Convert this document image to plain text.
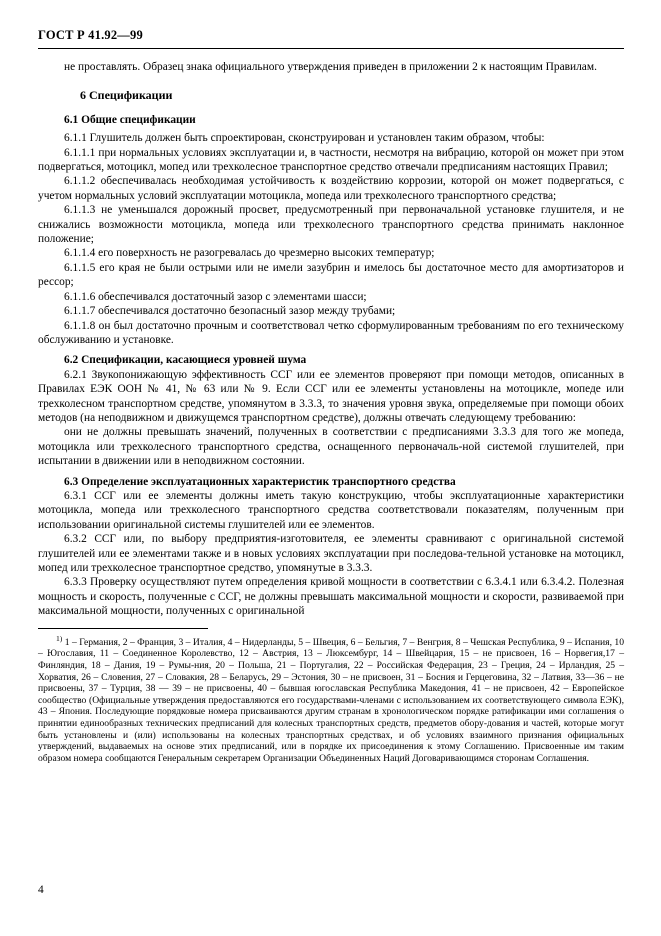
ГОСТ Р 41.92—99

не проставлять. Образец знака официального утверждения приведен в приложении 2 к настоящим Правилам.

6 Спецификации

6.1 Общие спецификации

6.1.1 Глушитель должен быть спроектирован, сконструирован и установлен таким образом, чтобы:

6.1.1.1 при нормальных условиях эксплуатации и, в частности, несмотря на вибрацию, которой он может при этом подвергаться, мотоцикл, мопед или трехколесное транспортное средство отвечали предписаниям настоящих Правил;

6.1.1.2 обеспечивалась необходимая устойчивость к воздействию коррозии, которой он может подвергаться, с учетом нормальных условий эксплуатации мотоцикла, мопеда или трехколесного транспортного средства;

6.1.1.3 не уменьшался дорожный просвет, предусмотренный при первоначальной установке глушителя, и не снижались возможности мотоцикла, мопеда или трехколесного транспортного средства принимать наклонное положение;

6.1.1.4 его поверхность не разогревалась до чрезмерно высоких температур;

6.1.1.5 его края не были острыми или не имели зазубрин и имелось бы достаточное место для амортизаторов и рессор;

6.1.1.6 обеспечивался достаточный зазор с элементами шасси;

6.1.1.7 обеспечивался достаточно безопасный зазор между трубами;

6.1.1.8 он был достаточно прочным и соответствовал четко сформулированным требованиям по его техническому обслуживанию и установке.

6.2 Спецификации, касающиеся уровней шума

6.2.1 Звукопонижающую эффективность ССГ или ее элементов проверяют при помощи методов, описанных в Правилах ЕЭК ООН № 41, № 63 или № 9. Если ССГ или ее элементы установлены на мотоцикле, мопеде или трехколесном транспортном средстве, упомянутом в 3.3.3, то значения уровня звука, определяемые при помощи обоих методов (на неподвижном и движущемся транспортном средстве), должны отвечать следующему требованию:

они не должны превышать значений, полученных в соответствии с предписаниями 3.3.3 для того же мопеда, мотоцикла или трехколесного транспортного средства, оснащенного первоначаль-ной системой глушителей, при испытании в движении или в неподвижном состоянии.

6.3 Определение эксплуатационных характеристик транспортного средства

6.3.1 ССГ или ее элементы должны иметь такую конструкцию, чтобы эксплуатационные характеристики мотоцикла, мопеда или трехколесного транспортного средства соответствовали показателям, полученным при использовании оригинальной системы глушителей или ее элементов.

6.3.2 ССГ или, по выбору предприятия-изготовителя, ее элементы сравнивают с оригинальной системой глушителей или ее элементами также и в новых условиях эксплуатации при последова-тельной установке на мотоцикл, мопед или трехколесное транспортное средство, упомянутые в 3.3.3.

6.3.3 Проверку осуществляют путем определения кривой мощности в соответствии с 6.3.4.1 или 6.3.4.2. Полезная мощность и скорость, полученные с ССГ, не должны превышать максимальной мощности и скорости, развиваемой при максимальной мощности, полученных с оригинальной

$^{1)}$ 1 – Германия, 2 – Франция, 3 – Италия, 4 – Нидерланды, 5 – Швеция, 6 – Бельгия, 7 – Венгрия, 8 – Чешская Республика, 9 – Испания, 10 – Югославия, 11 – Соединенное Королевство, 12 – Австрия, 13 – Люксембург, 14 – Швейцария, 15 – не присвоен, 16 – Норвегия,17 – Финляндия, 18 – Дания, 19 – Румы-ния, 20 – Польша, 21 – Португалия, 22 – Российская Федерация, 23 – Греция, 24 – Ирландия, 25 – Хорватия, 26 – Словения, 27 – Словакия, 28 – Беларусь, 29 – Эстония, 30 – не присвоен, 31 – Босния и Герцеговина, 32 – Латвия, 33—36 – не присвоены, 37 – Турция, 38 — 39 – не присвоены, 40 – бывшая югославская Республика Македония, 41 – не присвоен, 42 – Европейское сообщество (Официальные утверждения предоставляются его государствами-членами с использованием их соответствующего символа ЕЭК), 43 – Япония. Последующие порядковые номера присваиваются другим странам в хронологическом порядке ратификации ими соглашения о принятии единообразных технических предписаний для колесных транспортных средств, предметов обору-дования и частей, которые могут быть установлены и (или) использованы на колесных транспортных средствах, и об условиях взаимного признания официальных утверждений, выдаваемых на основе этих предписаний, или в порядке их присоединения к этому Соглашению. Присвоенные им таким образом номера сообщаются Генеральным секретарем Организации Объединенных Наций Договаривающимся сторонам Соглашения.

4
